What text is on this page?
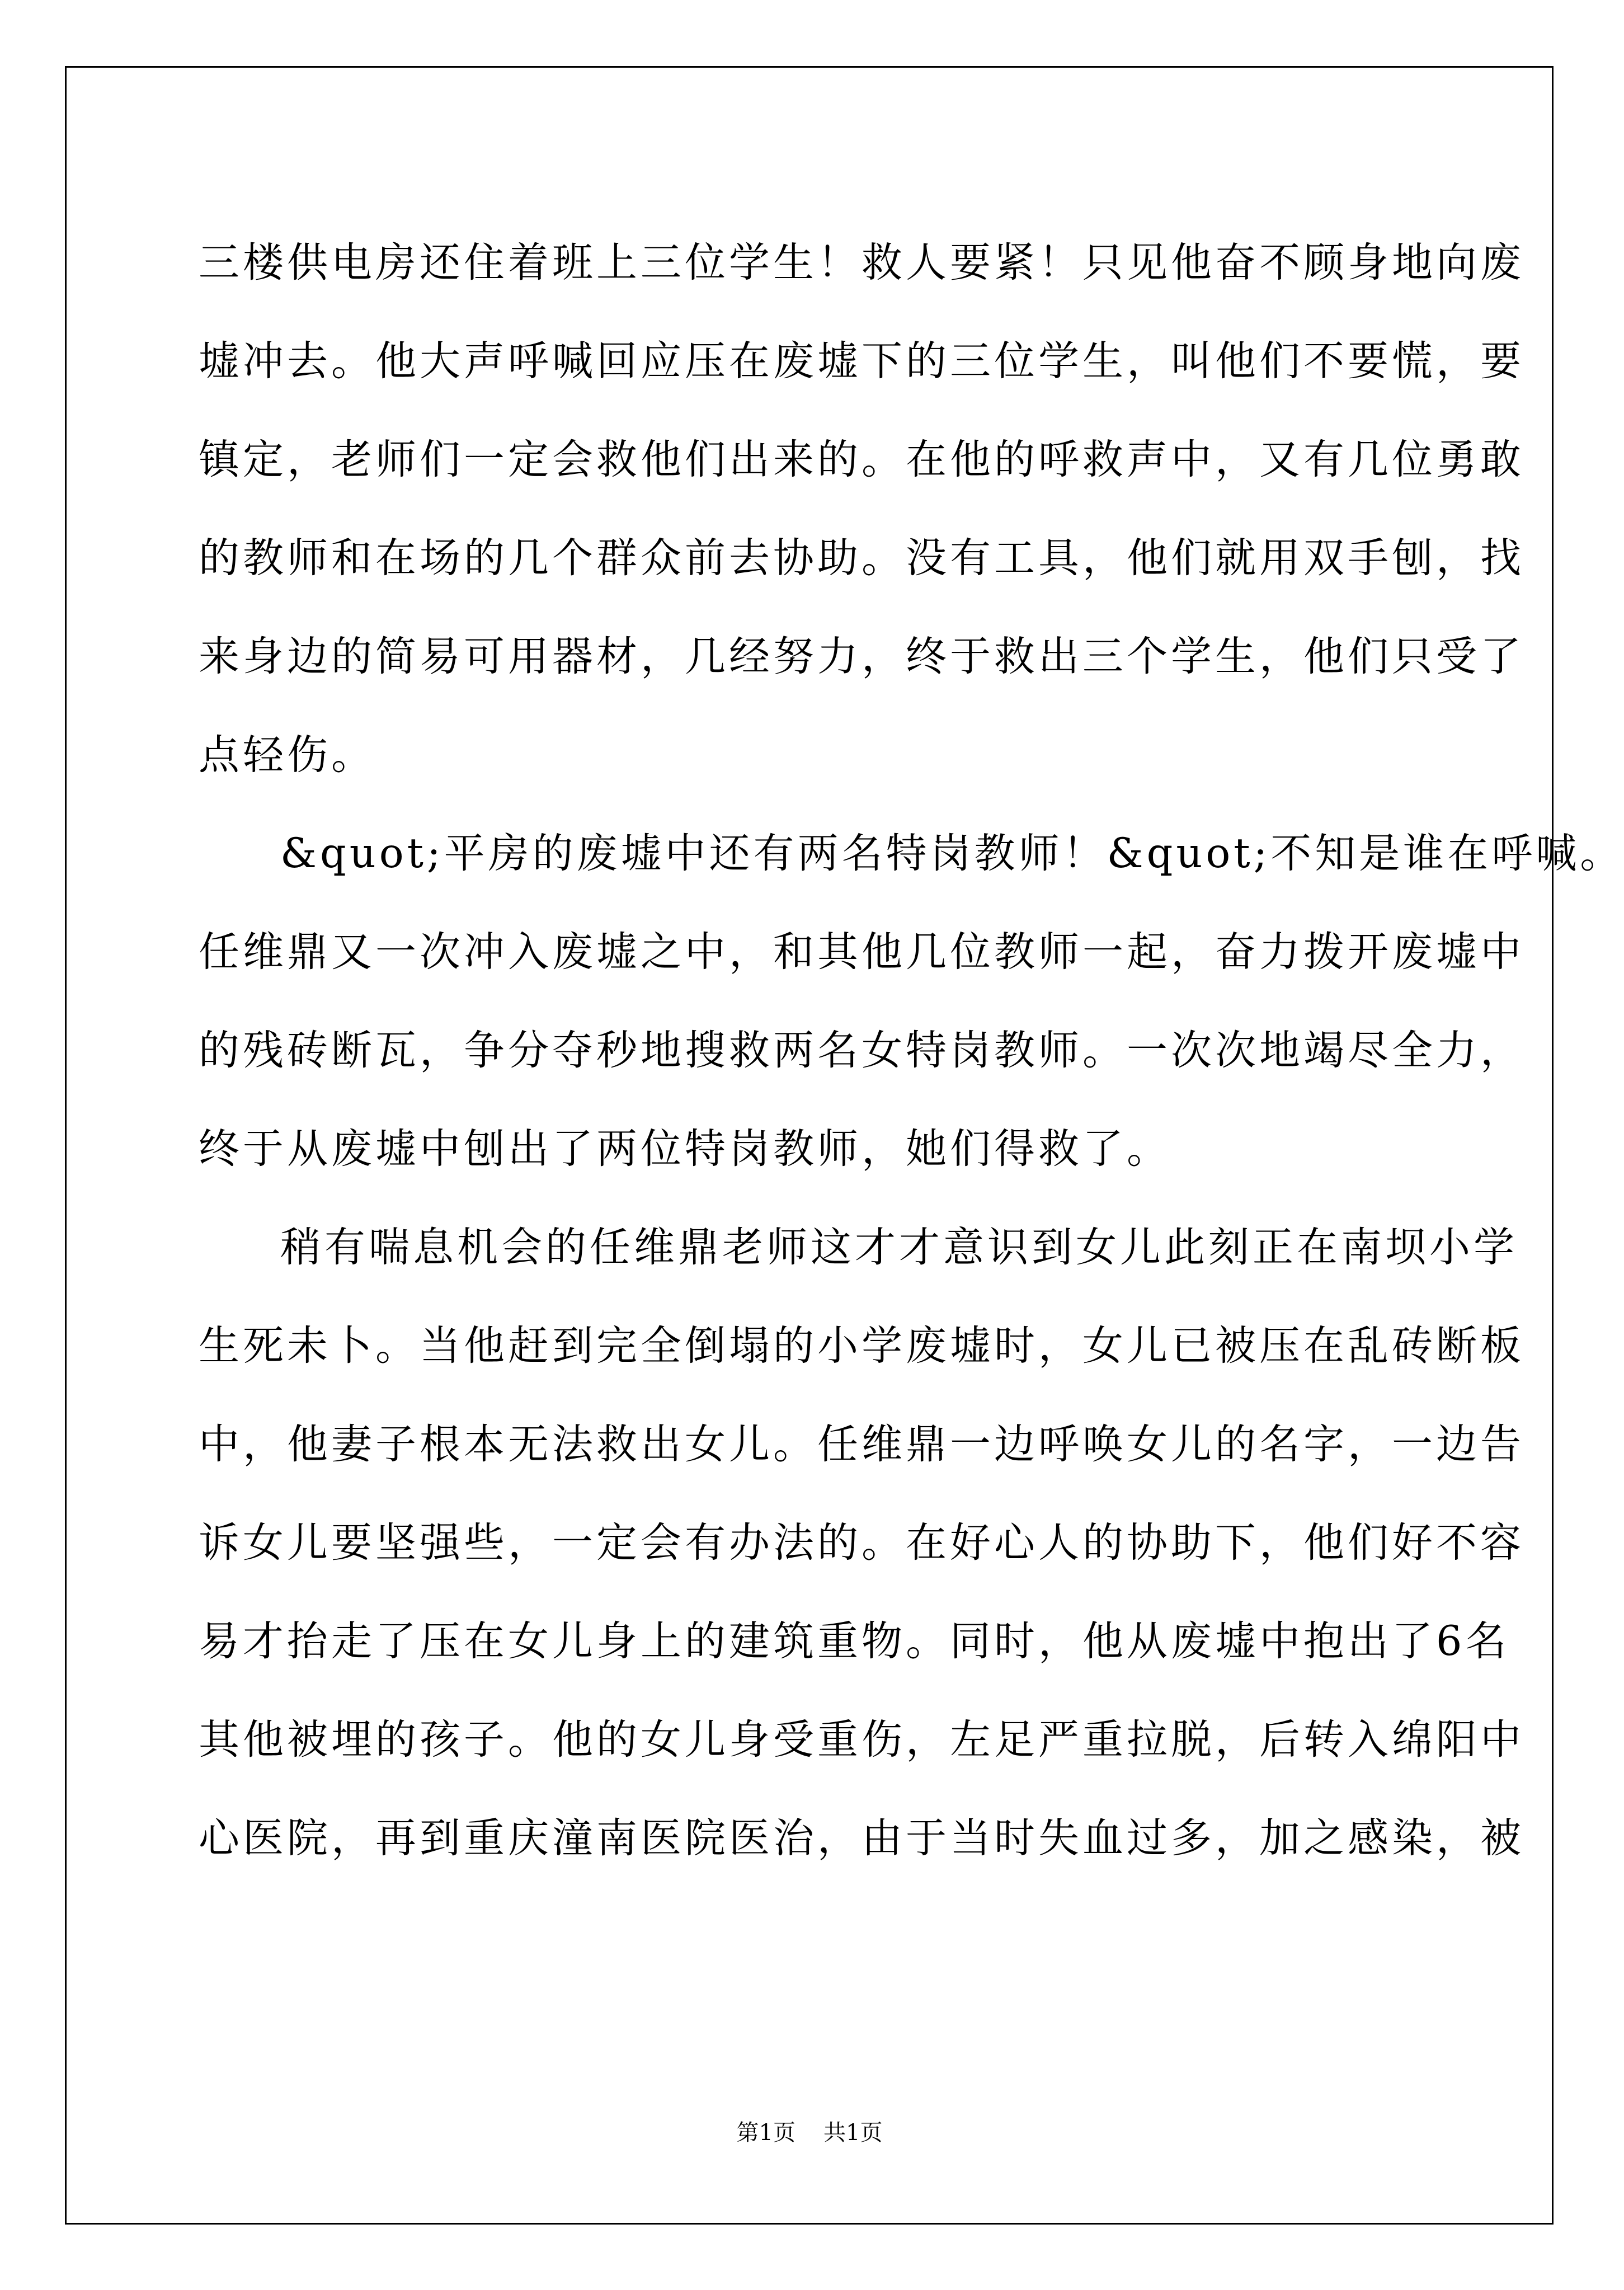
三楼供电房还住着班上三位学生！救人要紧！只见他奋不顾身地向废
墟冲去。他大声呼喊回应压在废墟下的三位学生，叫他们不要慌，要
镇定，老师们一定会救他们出来的。在他的呼救声中，又有几位勇敢
的教师和在场的几个群众前去协助。没有工具，他们就用双手刨，找
来身边的简易可用器材，几经努力，终于救出三个学生，他们只受了
点轻伤。
&quot;平房的废墟中还有两名特岗教师！&quot;不知是谁在呼喊。
任维鼎又一次冲入废墟之中，和其他几位教师一起，奋力拨开废墟中
的残砖断瓦，争分夺秒地搜救两名女特岗教师。一次次地竭尽全力，
终于从废墟中刨出了两位特岗教师，她们得救了。
稍有喘息机会的任维鼎老师这才才意识到女儿此刻正在南坝小学
生死未卜。当他赶到完全倒塌的小学废墟时，女儿已被压在乱砖断板
中，他妻子根本无法救出女儿。任维鼎一边呼唤女儿的名字，一边告
诉女儿要坚强些，一定会有办法的。在好心人的协助下，他们好不容
易才抬走了压在女儿身上的建筑重物。同时，他从废墟中抱出了6名
其他被埋的孩子。他的女儿身受重伤，左足严重拉脱，后转入绵阳中
心医院，再到重庆潼南医院医治，由于当时失血过多，加之感染，被
第1页 共1页
